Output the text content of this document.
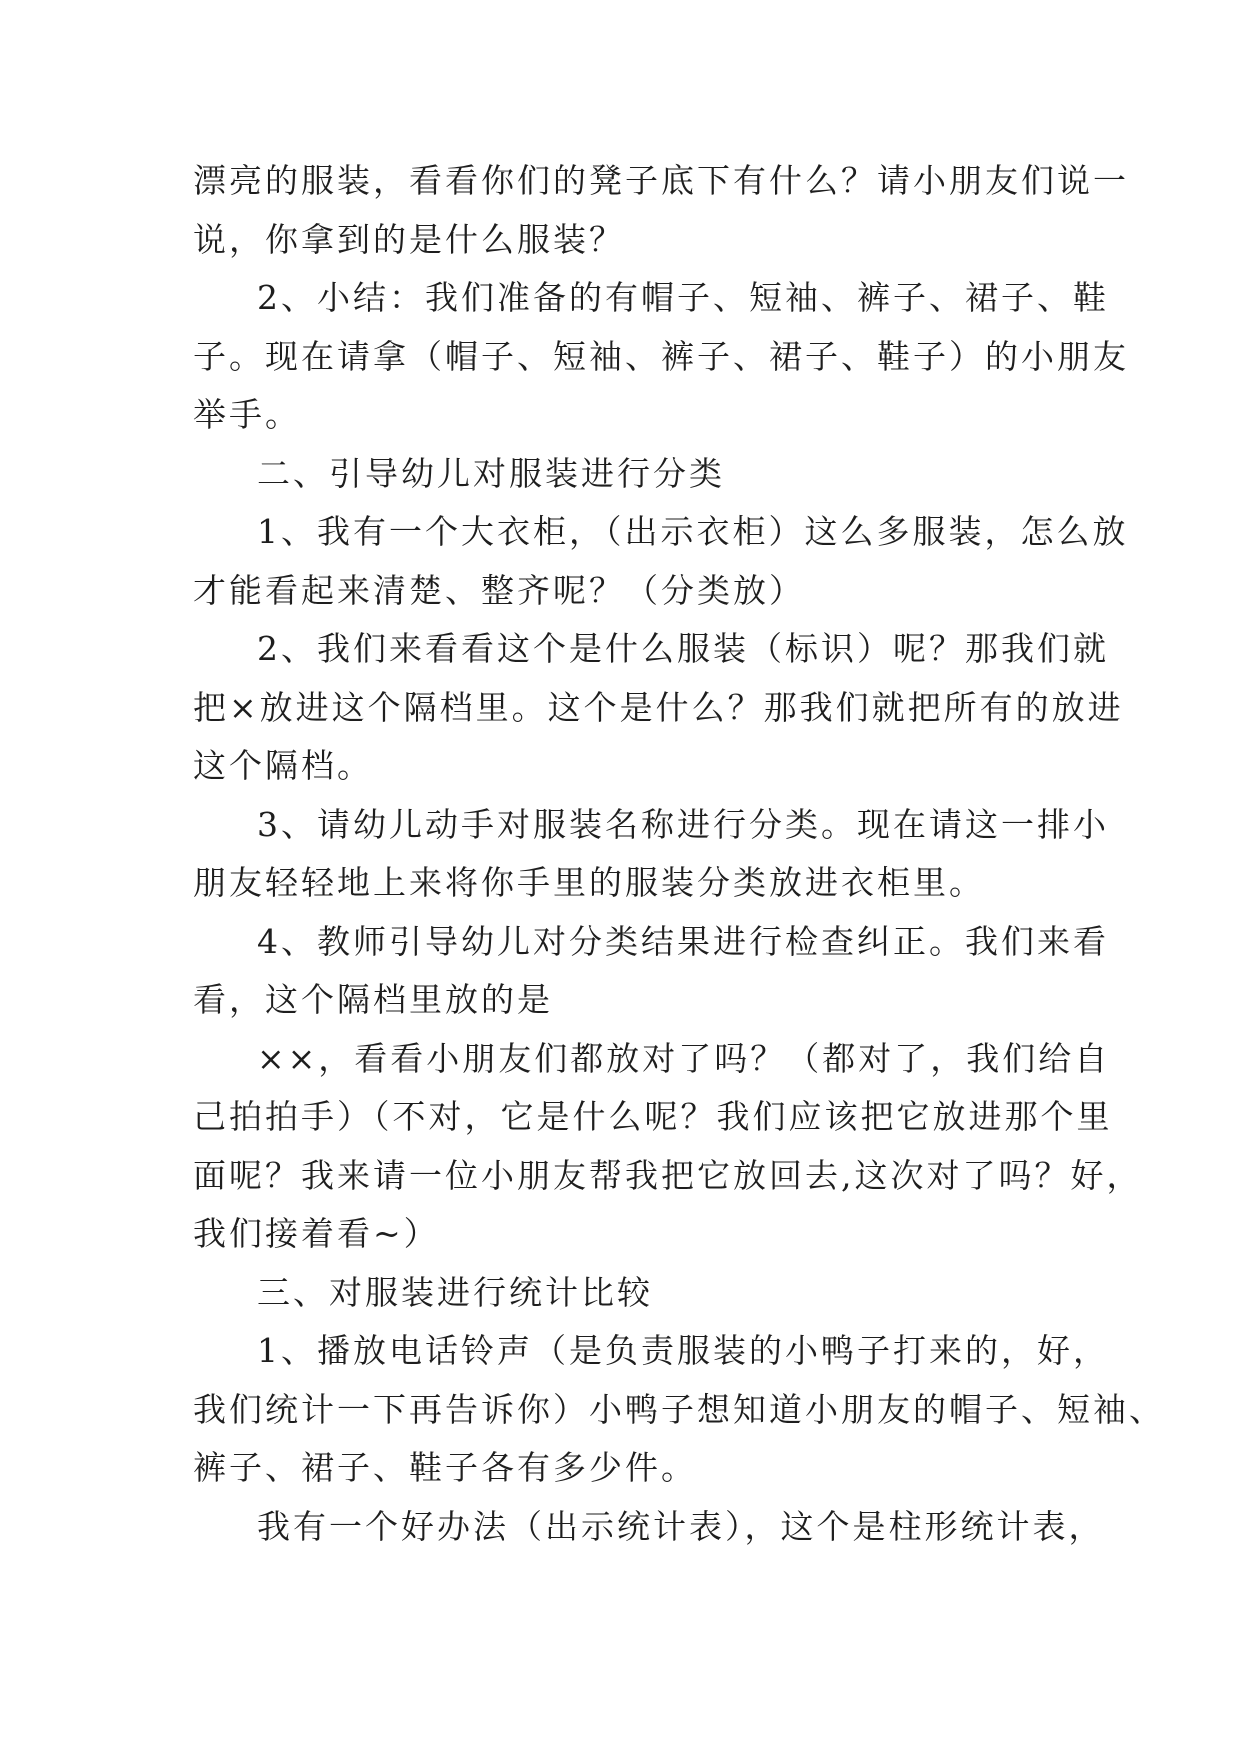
漂亮的服装，看看你们的凳子底下有什么？请小朋友们说一
说，你拿到的是什么服装？
2、小结：我们准备的有帽子、短袖、裤子、裙子、鞋
子。现在请拿（帽子、短袖、裤子、裙子、鞋子）的小朋友
举手。
二、引导幼儿对服装进行分类
1、我有一个大衣柜，（出示衣柜）这么多服装，怎么放
才能看起来清楚、整齐呢？（分类放）
2、我们来看看这个是什么服装（标识）呢？那我们就
把×放进这个隔档里。这个是什么？那我们就把所有的放进
这个隔档。
3、请幼儿动手对服装名称进行分类。现在请这一排小
朋友轻轻地上来将你手里的服装分类放进衣柜里。
4、教师引导幼儿对分类结果进行检查纠正。我们来看
看，这个隔档里放的是
××，看看小朋友们都放对了吗？（都对了，我们给自
己拍拍手）（不对，它是什么呢？我们应该把它放进那个里
面呢？我来请一位小朋友帮我把它放回去,这次对了吗？好，
我们接着看~）
三、对服装进行统计比较
1、播放电话铃声（是负责服装的小鸭子打来的，好，
我们统计一下再告诉你）小鸭子想知道小朋友的帽子、短袖、
裤子、裙子、鞋子各有多少件。
我有一个好办法（出示统计表），这个是柱形统计表，
